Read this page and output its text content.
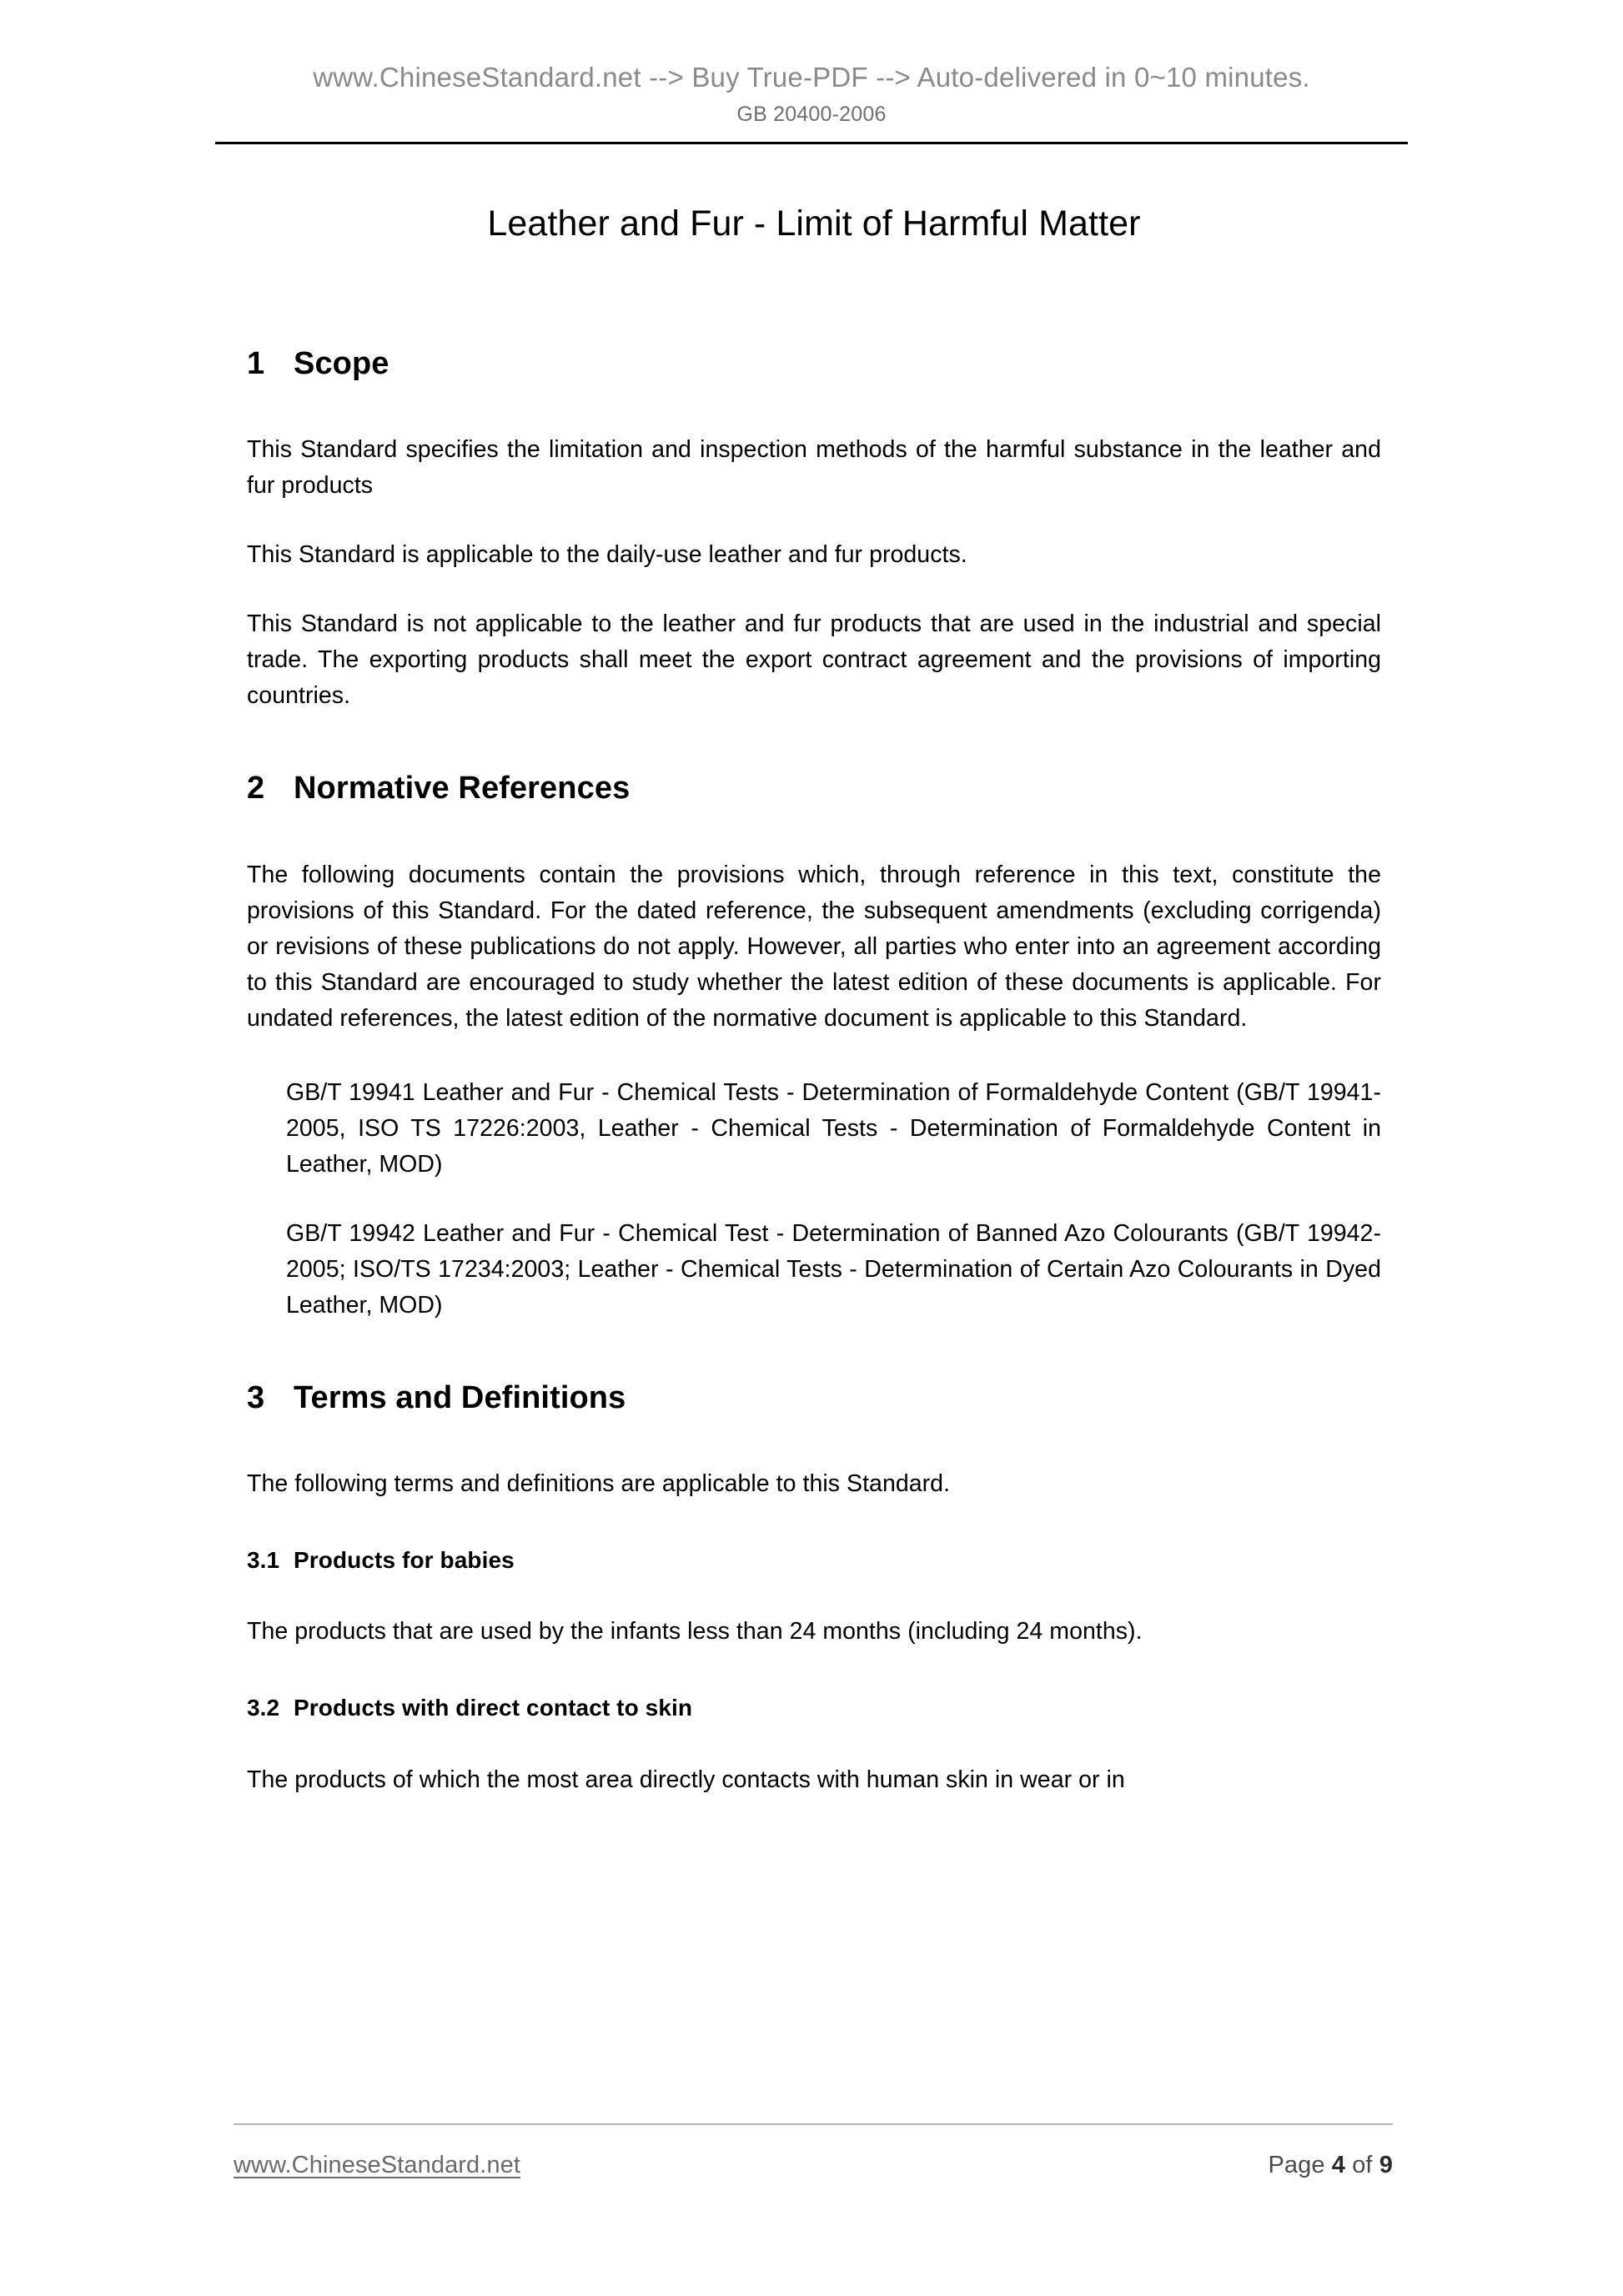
www.ChineseStandard.net --> Buy True-PDF --> Auto-delivered in 0~10 minutes.
GB 20400-2006
Leather and Fur - Limit of Harmful Matter
1 Scope

This Standard specifies the limitation and inspection methods of the harmful substance in the leather and fur products

This Standard is applicable to the daily-use leather and fur products.

This Standard is not applicable to the leather and fur products that are used in the industrial and special trade. The exporting products shall meet the export contract agreement and the provisions of importing countries.

2 Normative References

The following documents contain the provisions which, through reference in this text, constitute the provisions of this Standard. For the dated reference, the subsequent amendments (excluding corrigenda) or revisions of these publications do not apply. However, all parties who enter into an agreement according to this Standard are encouraged to study whether the latest edition of these documents is applicable. For undated references, the latest edition of the normative document is applicable to this Standard.

GB/T 19941 Leather and Fur - Chemical Tests - Determination of Formaldehyde Content (GB/T 19941-2005, ISO TS 17226:2003, Leather - Chemical Tests - Determination of Formaldehyde Content in Leather, MOD)

GB/T 19942 Leather and Fur - Chemical Test - Determination of Banned Azo Colourants (GB/T 19942-2005; ISO/TS 17234:2003; Leather - Chemical Tests - Determination of Certain Azo Colourants in Dyed Leather, MOD)

3 Terms and Definitions

The following terms and definitions are applicable to this Standard.

3.1 Products for babies

The products that are used by the infants less than 24 months (including 24 months).

3.2 Products with direct contact to skin

The products of which the most area directly contacts with human skin in wear or in

www.ChineseStandard.net	Page 4 of 9
